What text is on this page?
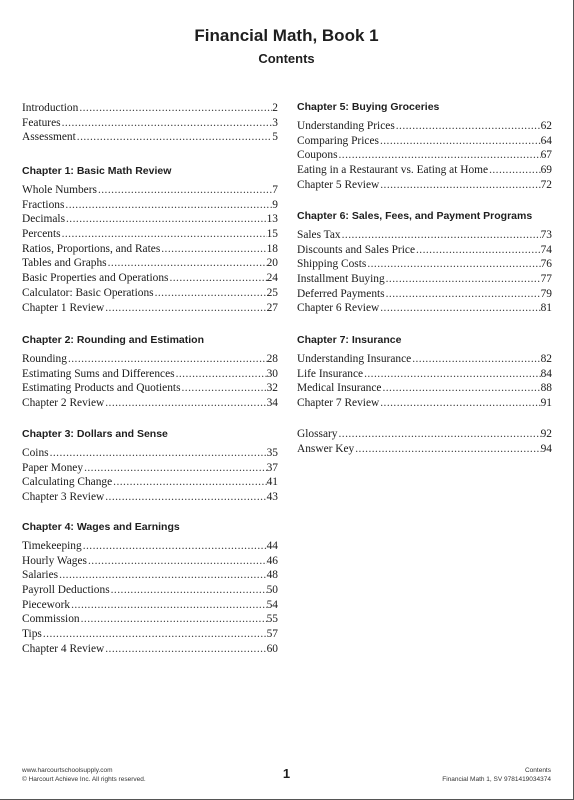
Financial Math, Book 1
Contents
Introduction . . .	2
Features . . .	3
Assessment . . .	5
Chapter 1: Basic Math Review
Whole Numbers . . .	7
Fractions . . .	9
Decimals . . .	13
Percents . . .	15
Ratios, Proportions, and Rates . . .	18
Tables and Graphs . . .	20
Basic Properties and Operations . . .	24
Calculator: Basic Operations . . .	25
Chapter 1 Review . . .	27
Chapter 2: Rounding and Estimation
Rounding . . .	28
Estimating Sums and Differences . . .	30
Estimating Products and Quotients . . .	32
Chapter 2 Review . . .	34
Chapter 3: Dollars and Sense
Coins . . .	35
Paper Money . . .	37
Calculating Change . . .	41
Chapter 3 Review . . .	43
Chapter 4: Wages and Earnings
Timekeeping . . .	44
Hourly Wages . . .	46
Salaries . . .	48
Payroll Deductions . . .	50
Piecework . . .	54
Commission . . .	55
Tips . . .	57
Chapter 4 Review . . .	60
Chapter 5: Buying Groceries
Understanding Prices . . .	62
Comparing Prices . . .	64
Coupons . . .	67
Eating in a Restaurant vs. Eating at Home . . .	69
Chapter 5 Review . . .	72
Chapter 6: Sales, Fees, and Payment Programs
Sales Tax . . .	73
Discounts and Sales Price . . .	74
Shipping Costs . . .	76
Installment Buying . . .	77
Deferred Payments . . .	79
Chapter 6 Review . . .	81
Chapter 7: Insurance
Understanding Insurance . . .	82
Life Insurance . . .	84
Medical Insurance . . .	88
Chapter 7 Review . . .	91
Glossary . . .	92
Answer Key . . .	94
www.harcourtschoolsupply.com
© Harcourt Achieve Inc. All rights reserved.	1	Contents
Financial Math 1, SV 9781419034374
